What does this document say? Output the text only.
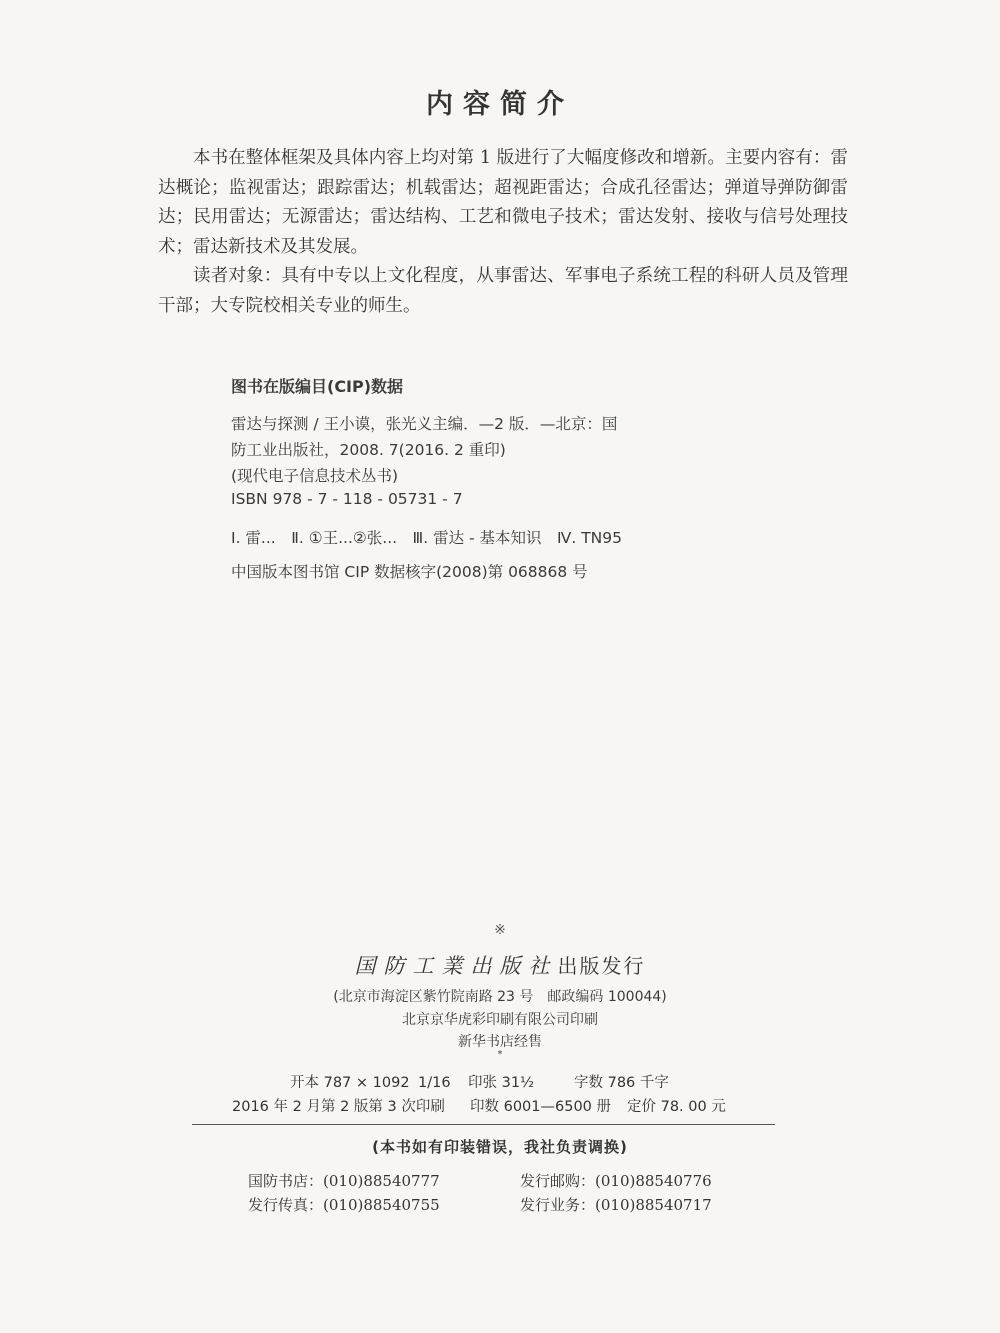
内容简介

本书在整体框架及具体内容上均对第 1 版进行了大幅度修改和增新。主要内容有：雷达概论；监视雷达；跟踪雷达；机载雷达；超视距雷达；合成孔径雷达；弹道导弹防御雷达；民用雷达；无源雷达；雷达结构、工艺和微电子技术；雷达发射、接收与信号处理技术；雷达新技术及其发展。

读者对象：具有中专以上文化程度，从事雷达、军事电子系统工程的科研人员及管理干部；大专院校相关专业的师生。

图书在版编目(CIP)数据
雷达与探测 / 王小谟，张光义主编．—2 版．—北京：国
防工业出版社，2008. 7(2016. 2 重印)
(现代电子信息技术丛书)
ISBN 978 - 7 - 118 - 05731 - 7
Ⅰ. 雷...　Ⅱ. ①王...②张...　Ⅲ. 雷达 - 基本知识　Ⅳ. TN95
中国版本图书馆 CIP 数据核字(2008)第 068868 号
※
国防工業出版社出版发行
(北京市海淀区紫竹院南路 23 号　邮政编码 100044)
北京京华虎彩印刷有限公司印刷
新华书店经售
*
开本 787 × 1092 1/16 印张 31½	字数 786 千字
2016 年 2 月第 2 版第 3 次印刷 印数 6001—6500 册 定价 78. 00 元
(本书如有印装错误，我社负责调换)
国防书店：(010)88540777	发行邮购：(010)88540776
发行传真：(010)88540755	发行业务：(010)88540717
